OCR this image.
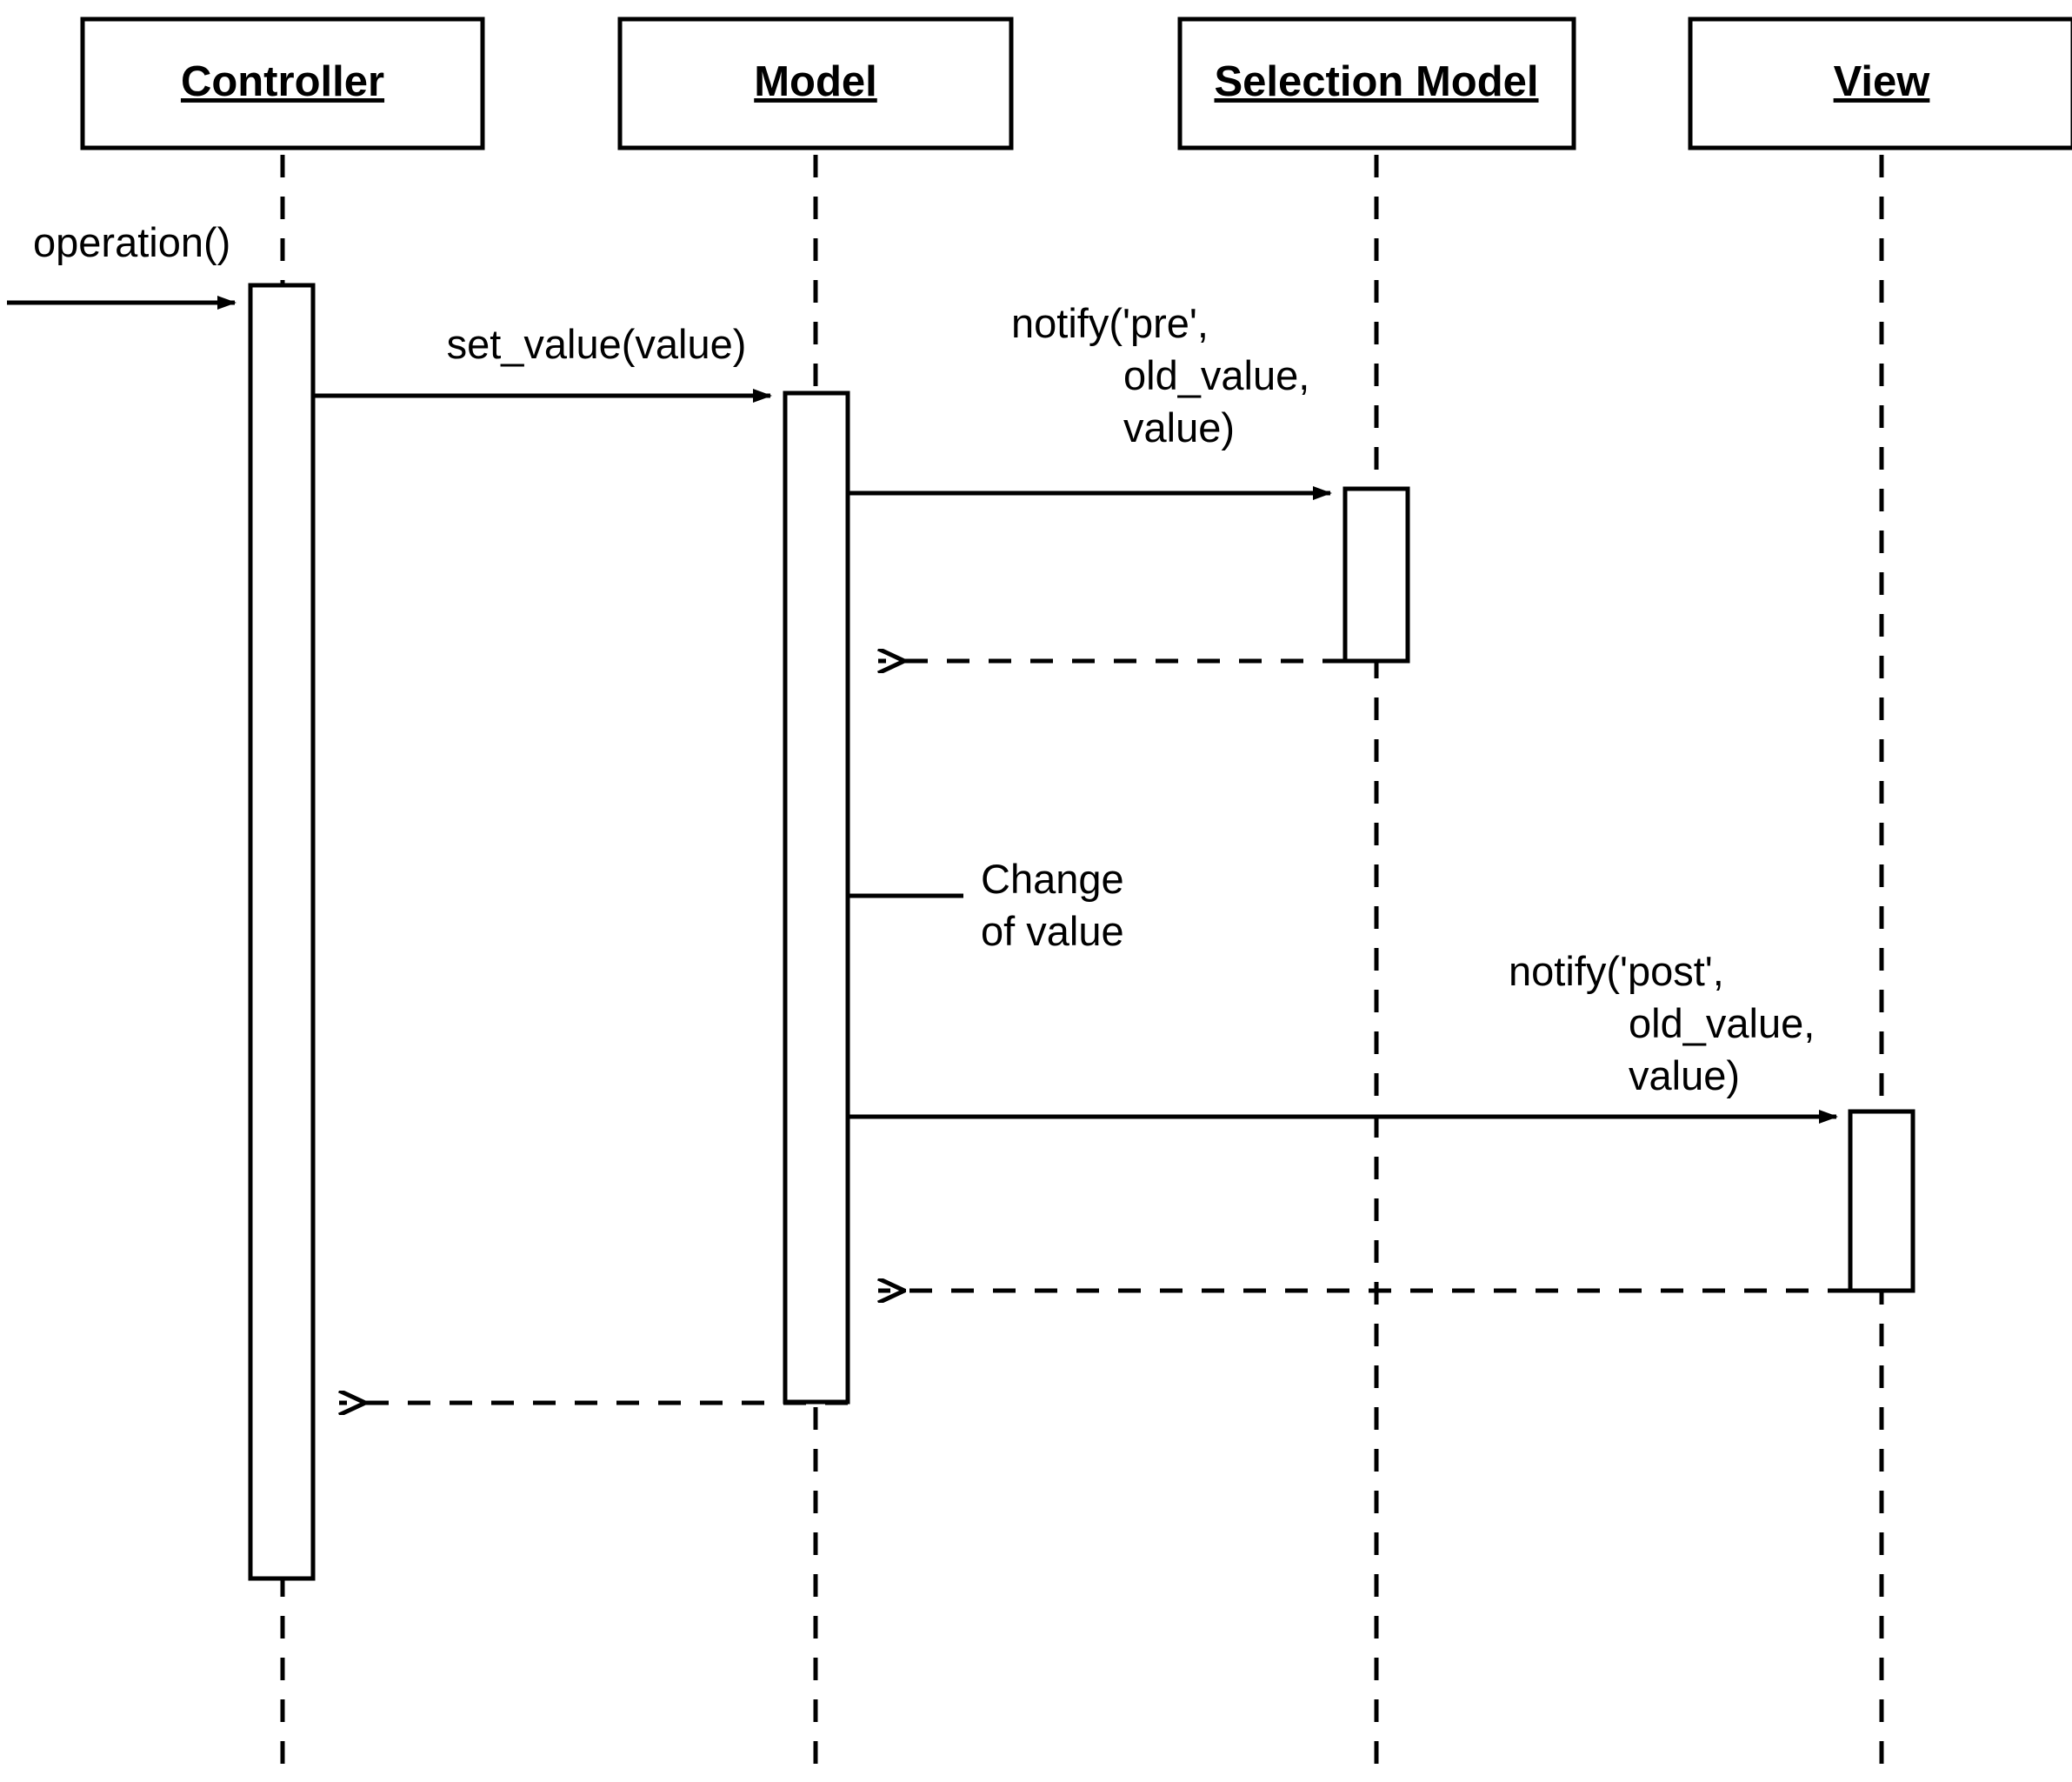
Controller	Model	Selection Model	View
operation()
set_value(value)	notify('pre',
old_value,
value)
Change
of value
notify('post',
old_value,
value)
